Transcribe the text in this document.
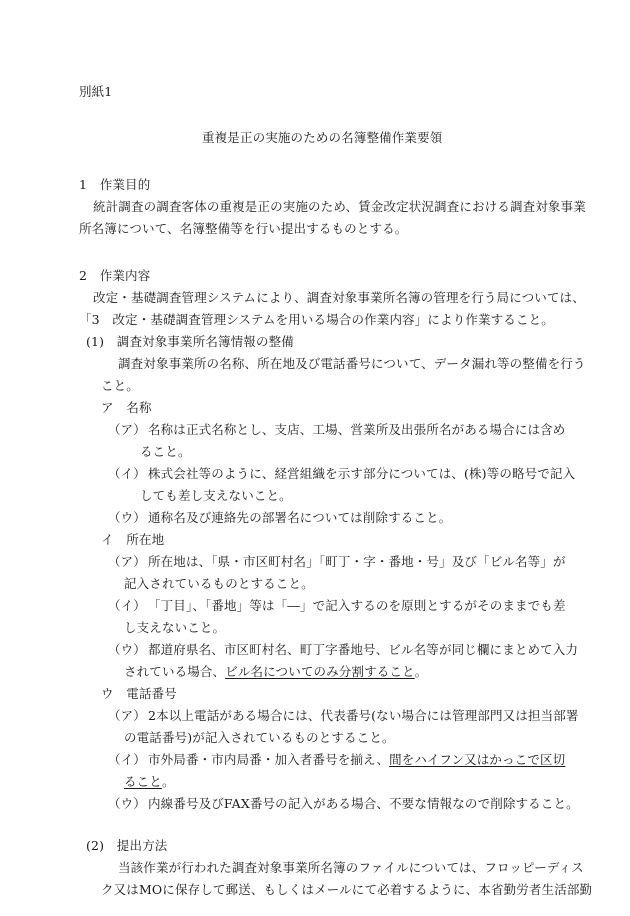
別紙1
重複是正の実施のための名簿整備作業要領
1　作業目的
統計調査の調査客体の重複是正の実施のため、賃金改定状況調査における調査対象事業
所名簿について、名簿整備等を行い提出するものとする。
2　作業内容
改定・基礎調査管理システムにより、調査対象事業所名簿の管理を行う局については、
「3　改定・基礎調査管理システムを用いる場合の作業内容」により作業すること。
(1)　調査対象事業所名簿情報の整備
調査対象事業所の名称、所在地及び電話番号について、データ漏れ等の整備を行う
こと。
ア　名称
（ア） 名称は正式名称とし、支店、工場、営業所及出張所名がある場合には含め
ること。
（イ） 株式会社等のように、経営組織を示す部分については、(株)等の略号で記入
しても差し支えないこと。
（ウ） 通称名及び連絡先の部署名については削除すること。
イ　所在地
（ア） 所在地は、「県・市区町村名」「町丁・字・番地・号」及び「ビル名等」が
記入されているものとすること。
（イ） 「丁目」、「番地」等は「―」で記入するのを原則とするがそのままでも差
し支えないこと。
（ウ） 都道府県名、市区町村名、町丁字番地号、ビル名等が同じ欄にまとめて入力
されている場合、ビル名についてのみ分割すること。
ウ　電話番号
（ア） 2本以上電話がある場合には、代表番号(ない場合には管理部門又は担当部署
の電話番号)が記入されているものとすること。
（イ） 市外局番・市内局番・加入者番号を揃え、間をハイフン又はかっこで区切
ること。
（ウ） 内線番号及びFAX番号の記入がある場合、不要な情報なので削除すること。
(2)　提出方法
当該作業が行われた調査対象事業所名簿のファイルについては、フロッピーディス
ク又はMOに保存して郵送、もしくはメールにて必着するように、本省勤労者生活部勤
